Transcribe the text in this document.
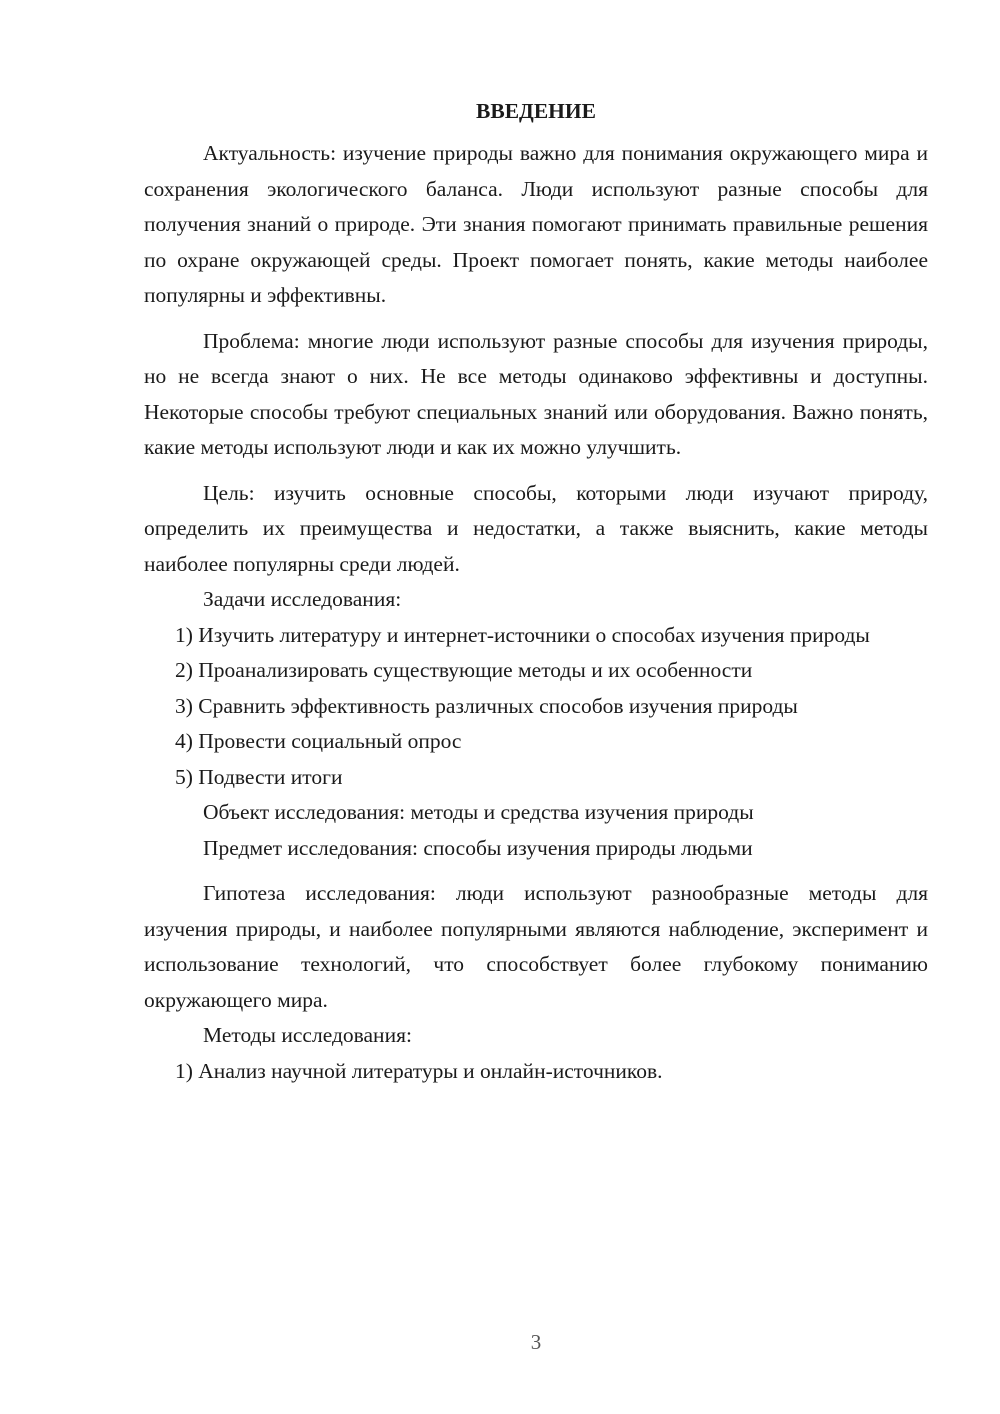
ВВЕДЕНИЕ

Актуальность: изучение природы важно для понимания окружающего мира и сохранения экологического баланса. Люди используют разные способы для получения знаний о природе. Эти знания помогают принимать правильные решения по охране окружающей среды. Проект помогает понять, какие методы наиболее популярны и эффективны.

Проблема: многие люди используют разные способы для изучения природы, но не всегда знают о них. Не все методы одинаково эффективны и доступны. Некоторые способы требуют специальных знаний или оборудования. Важно понять, какие методы используют люди и как их можно улучшить.

Цель: изучить основные способы, которыми люди изучают природу, определить их преимущества и недостатки, а также выяснить, какие методы наиболее популярны среди людей.

Задачи исследования:

1) Изучить литературу и интернет-источники о способах изучения природы

2) Проанализировать существующие методы и их особенности

3) Сравнить эффективность различных способов изучения природы

4) Провести социальный опрос

5) Подвести итоги

Объект исследования: методы и средства изучения природы

Предмет исследования: способы изучения природы людьми

Гипотеза исследования: люди используют разнообразные методы для изучения природы, и наиболее популярными являются наблюдение, эксперимент и использование технологий, что способствует более глубокому пониманию окружающего мира.

Методы исследования:

1) Анализ научной литературы и онлайн-источников.

3
